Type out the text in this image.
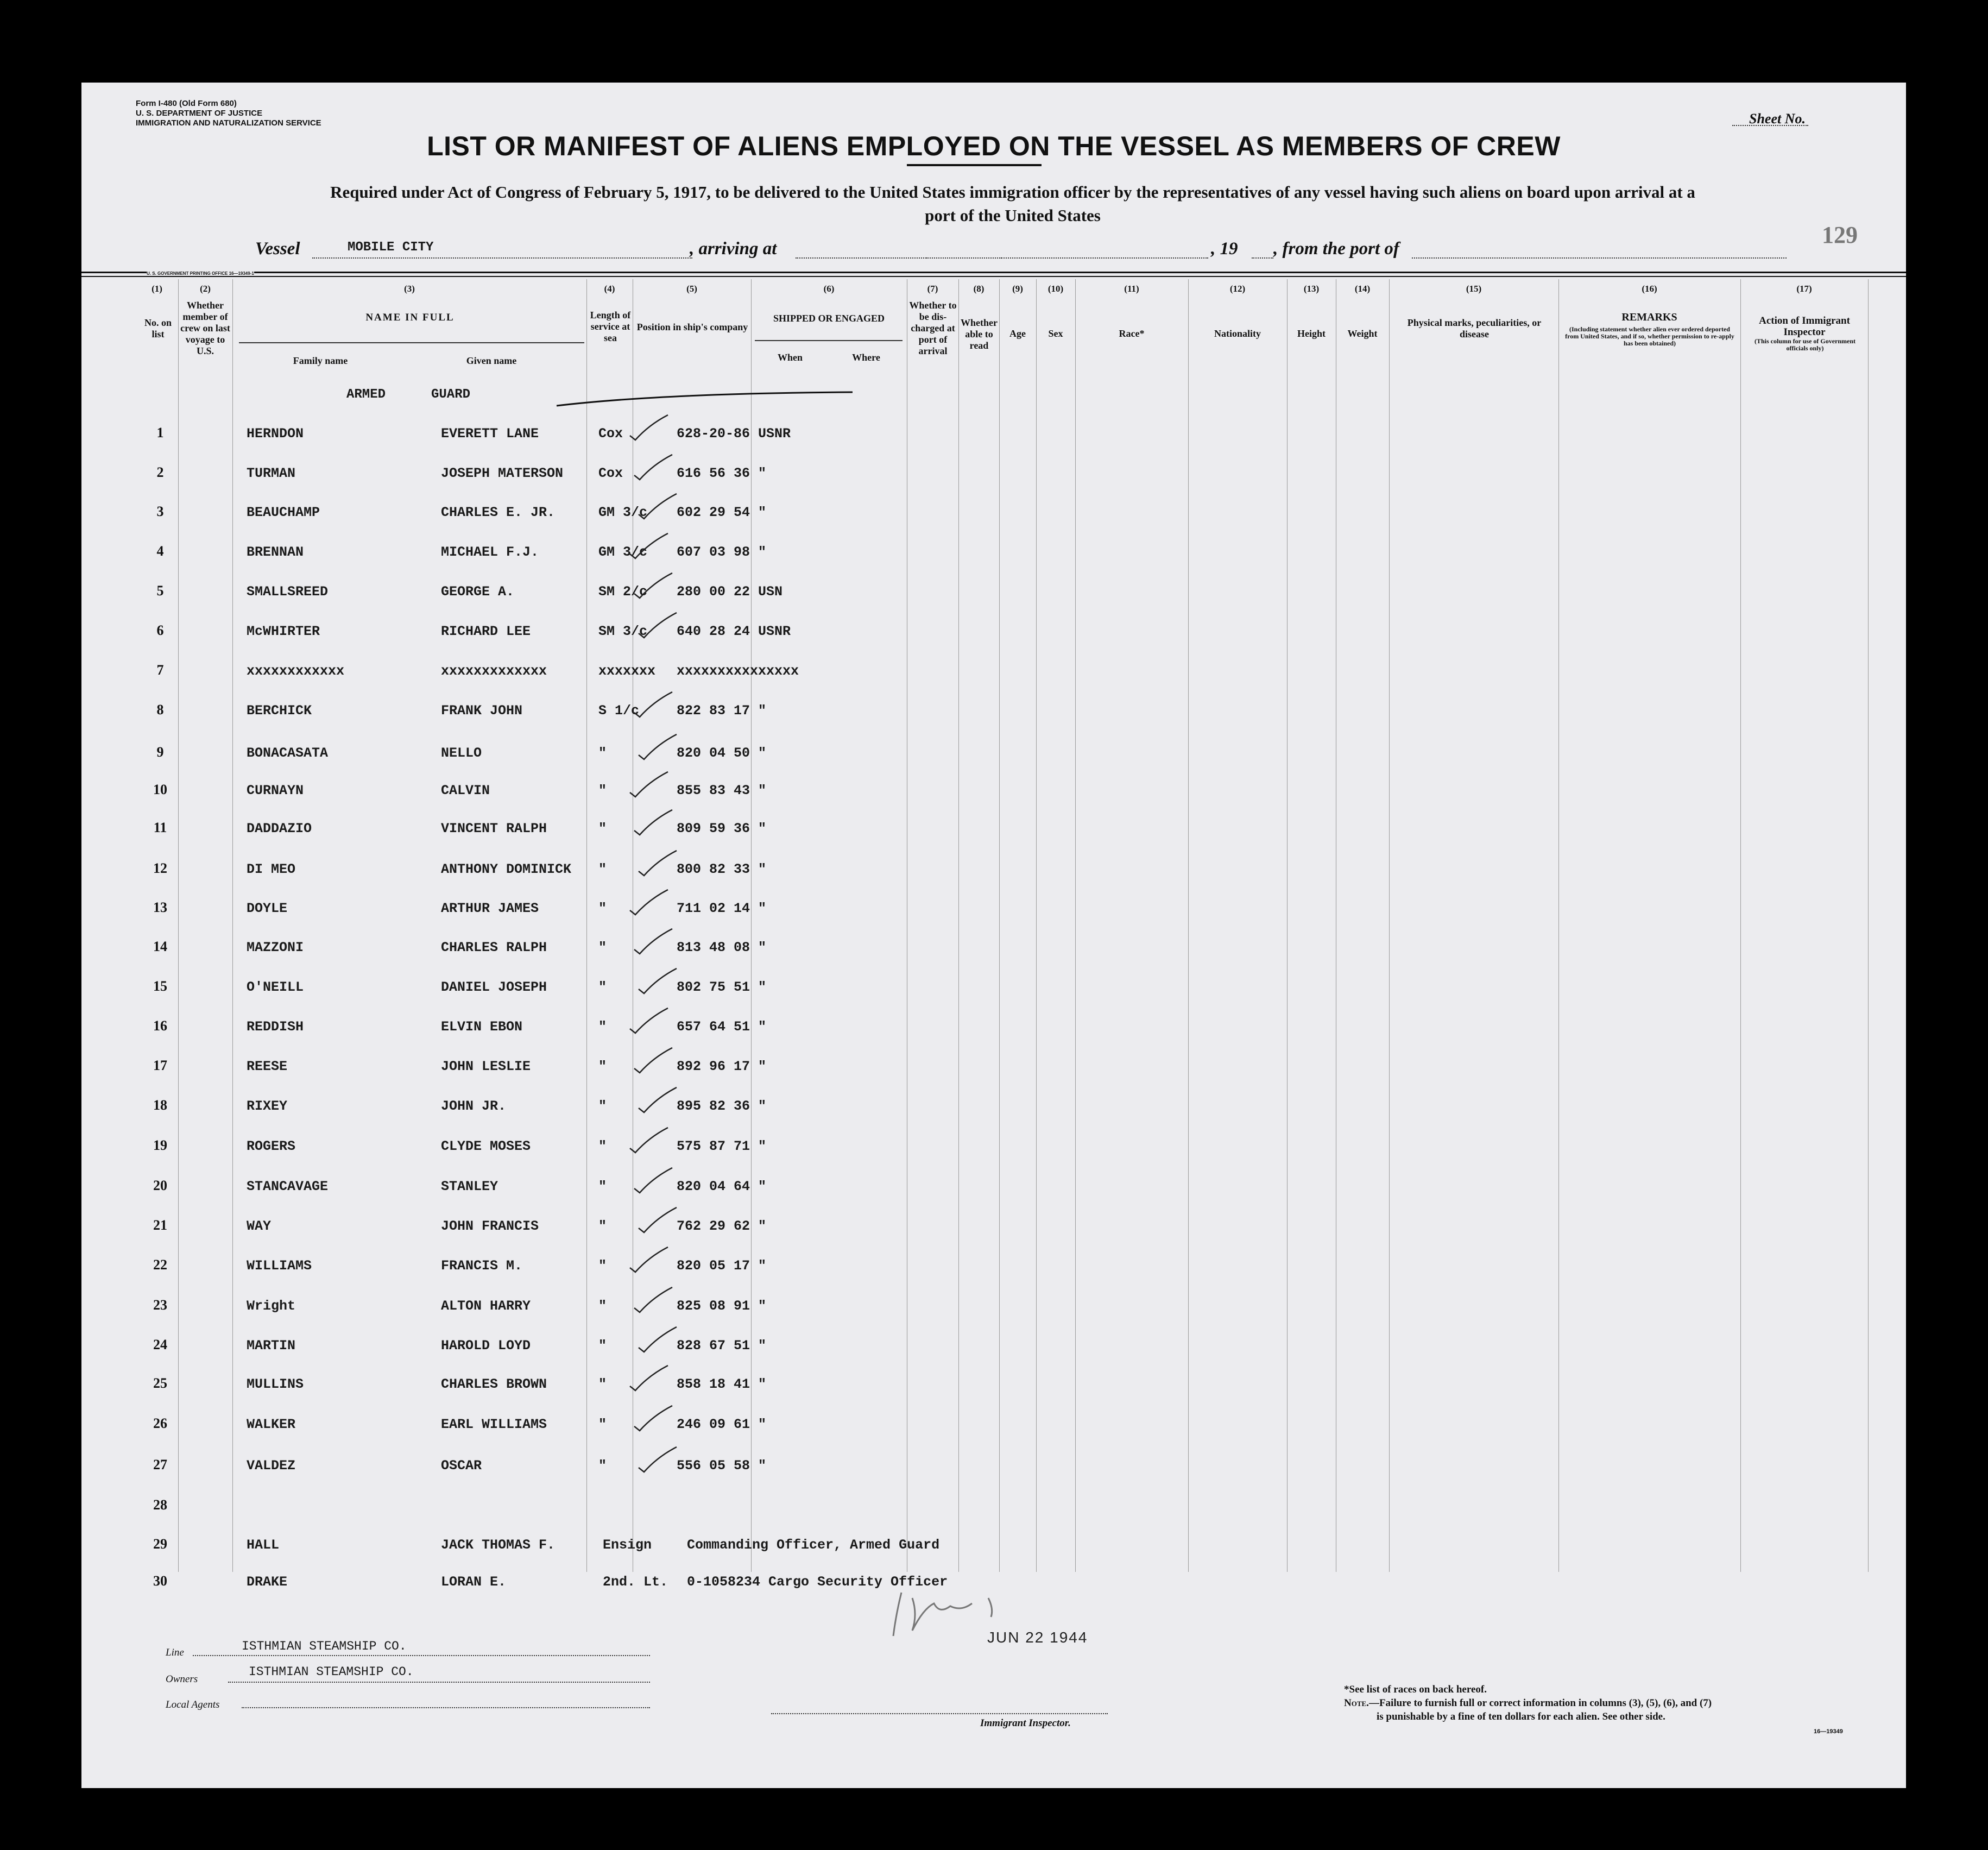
Form I-480 (Old Form 680)
U. S. DEPARTMENT OF JUSTICE
IMMIGRATION AND NATURALIZATION SERVICE	Sheet No.
LIST OR MANIFEST OF ALIENS EMPLOYED ON THE VESSEL AS MEMBERS OF CREW
Required under Act of Congress of February 5, 1917, to be delivered to the United States immigration officer by the representatives of any vessel having such aliens on board upon arrival at a
port of the United States
Vessel	MOBILE CITY	, arriving at	, 19 , from the port of
129
U. S. GOVERNMENT PRINTING OFFICE 16—19349-1
(1)	(2)	(3)	(4)	(5)	(6)	(7)	(8)	(9)	(10)	(11)	(12)	(13)	(14)	(15)	(16)	(17)
No. on list
Whether member of crew on last voyage to U.S.
NAME IN FULL
Family name	Given name
Length of service at sea
Position in ship's company
SHIPPED OR ENGAGED
When	Where
Whether to be dis-charged at port of arrival
Whether able to read
Age	Sex	Race*	Nationality	Height	Weight
Physical marks, peculiarities, or disease
REMARKS
(Including statement whether alien ever ordered deported from United States, and if so, whether permission to re-apply has been obtained)
Action of Immigrant Inspector
(This column for use of Government officials only)
ARMED	GUARD
1	HERNDON	EVERETT LANE	Cox	628-20-86 USNR
2	TURMAN	JOSEPH MATERSON	Cox	616 56 36 "
3	BEAUCHAMP	CHARLES E. JR.	GM 3/c 602 29 54 "
4	BRENNAN	MICHAEL F.J.	GM 3/c 607 03 98 "
5	SMALLSREED	GEORGE A.	SM 2/c 280 00 22 USN
6	McWHIRTER	RICHARD LEE	SM 3/c 640 28 24 USNR
7	xxxxxxxxxxxx	xxxxxxxxxxxxx	xxxxxxx xxxxxxxxxxxxxxx
8	BERCHICK	FRANK JOHN	S 1/c	822 83 17 "
9	BONACASATA	NELLO	"	820 04 50 "
10	CURNAYN	CALVIN	"	855 83 43 "
11	DADDAZIO	VINCENT RALPH	"	809 59 36 "
12	DI MEO	ANTHONY DOMINICK "	800 82 33 "
13	DOYLE	ARTHUR JAMES	"	711 02 14 "
14	MAZZONI	CHARLES RALPH	"	813 48 08 "
15	O'NEILL	DANIEL JOSEPH	"	802 75 51 "
16	REDDISH	ELVIN EBON	"	657 64 51 "
17	REESE	JOHN LESLIE	"	892 96 17 "
18	RIXEY	JOHN JR.	"	895 82 36 "
19	ROGERS	CLYDE MOSES	"	575 87 71 "
20	STANCAVAGE	STANLEY	"	820 04 64 "
21	WAY	JOHN FRANCIS	"	762 29 62 "
22	WILLIAMS	FRANCIS M.	"	820 05 17 "
23	Wright	ALTON HARRY	"	825 08 91 "
24	MARTIN	HAROLD LOYD	"	828 67 51 "
25	MULLINS	CHARLES BROWN	"	858 18 41 "
26	WALKER	EARL WILLIAMS	"	246 09 61 "
27	VALDEZ	OSCAR	"	556 05 58 "
28
29	HALL	JACK THOMAS F.	Ensign	Commanding Officer, Armed Guard
30	DRAKE	LORAN E.	2nd. Lt. 0-1058234 Cargo Security Officer
Line	ISTHMIAN STEAMSHIP CO.
Owners
ISTHMIAN STEAMSHIP CO.
Local Agents
JUN 22 1944
Immigrant Inspector.
*See list of races on back hereof.
Note.—Failure to furnish full or correct information in columns (3), (5), (6), and (7)
is punishable by a fine of ten dollars for each alien. See other side.
16—19349
